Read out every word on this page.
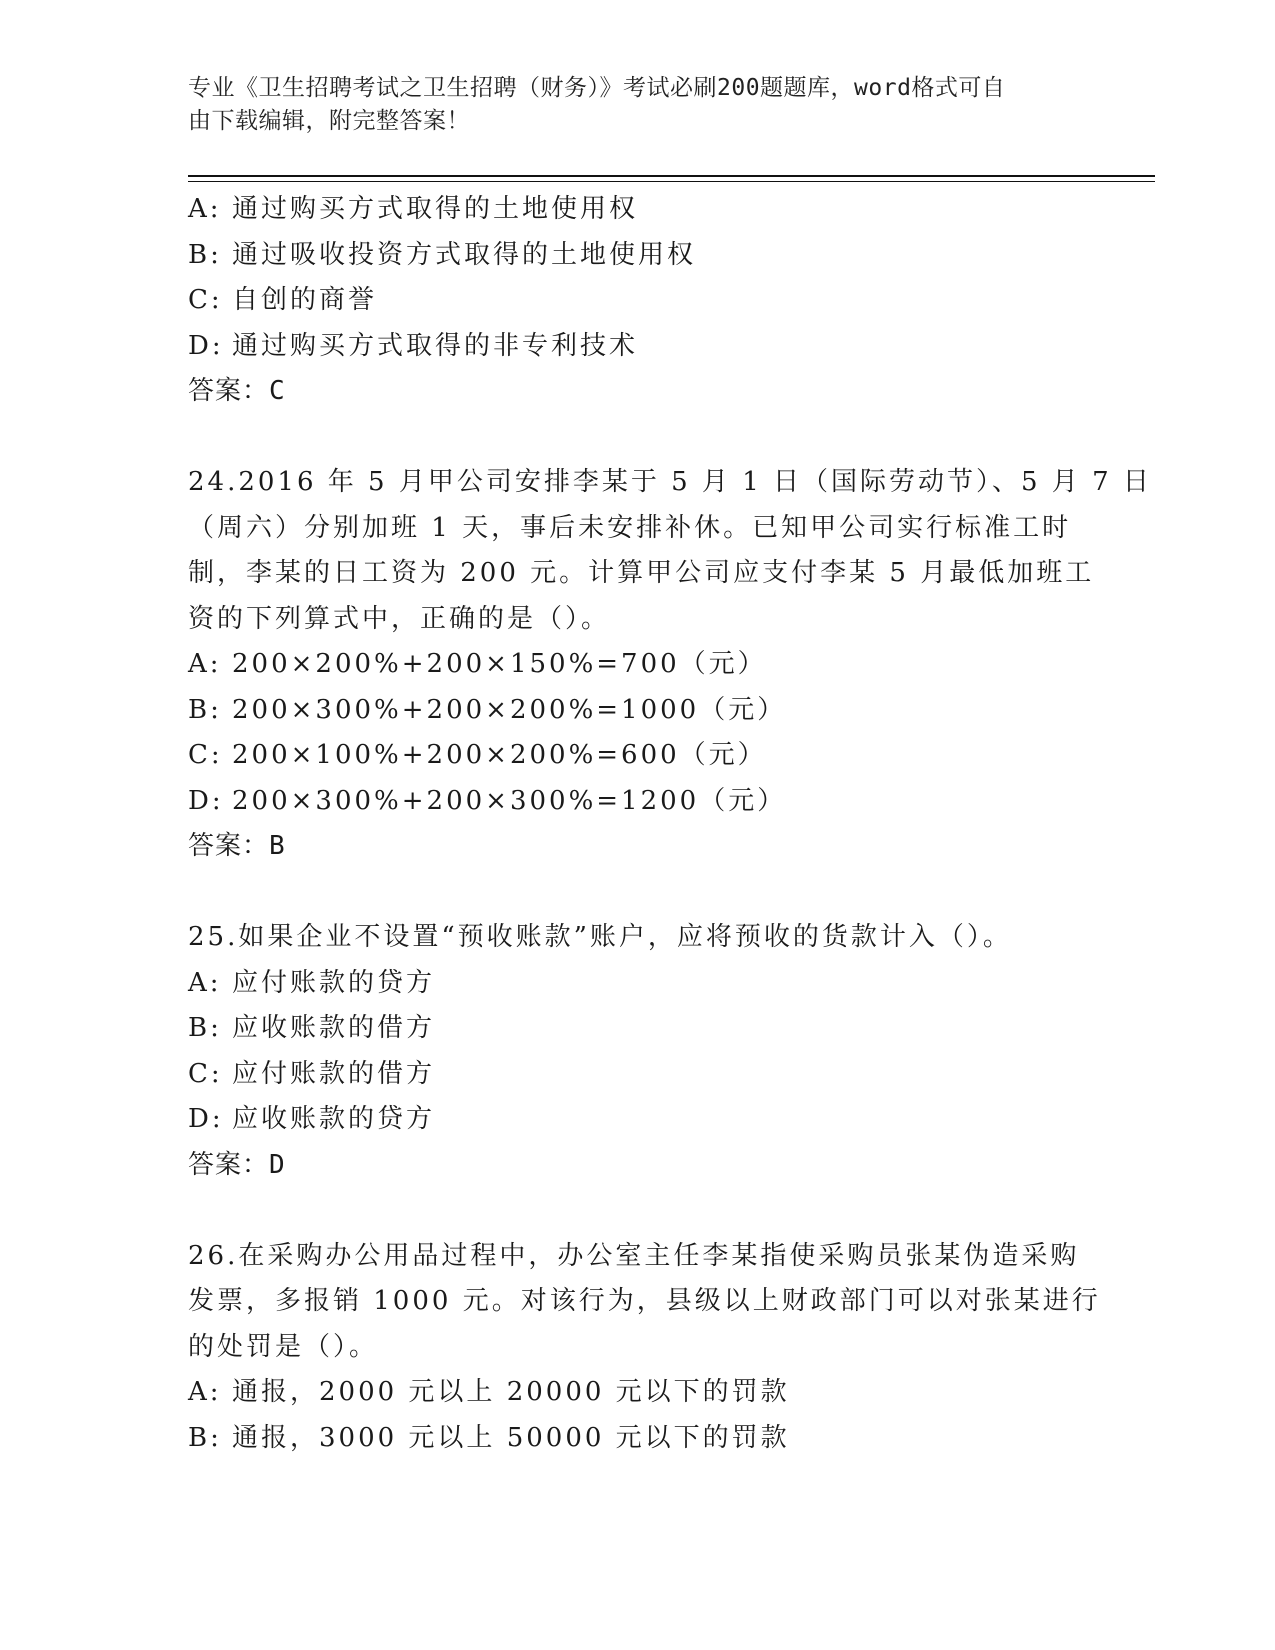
专业《卫生招聘考试之卫生招聘（财务）》考试必刷200题题库，word格式可自
由下载编辑，附完整答案！
A: 通过购买方式取得的土地使用权
B: 通过吸收投资方式取得的土地使用权
C: 自创的商誉
D: 通过购买方式取得的非专利技术
答案：C
24.2016 年 5 月甲公司安排李某于 5 月 1 日（国际劳动节）、5 月 7 日
（周六）分别加班 1 天，事后未安排补休。已知甲公司实行标准工时
制，李某的日工资为 200 元。计算甲公司应支付李某 5 月最低加班工
资的下列算式中，正确的是（）。
A: 200×200%+200×150%=700（元）
B: 200×300%+200×200%=1000（元）
C: 200×100%+200×200%=600（元）
D: 200×300%+200×300%=1200（元）
答案：B
25.如果企业不设置“预收账款”账户，应将预收的货款计入（）。
A: 应付账款的贷方
B: 应收账款的借方
C: 应付账款的借方
D: 应收账款的贷方
答案：D
26.在采购办公用品过程中，办公室主任李某指使采购员张某伪造采购
发票，多报销 1000 元。对该行为，县级以上财政部门可以对张某进行
的处罚是（）。
A: 通报，2000 元以上 20000 元以下的罚款
B: 通报，3000 元以上 50000 元以下的罚款
